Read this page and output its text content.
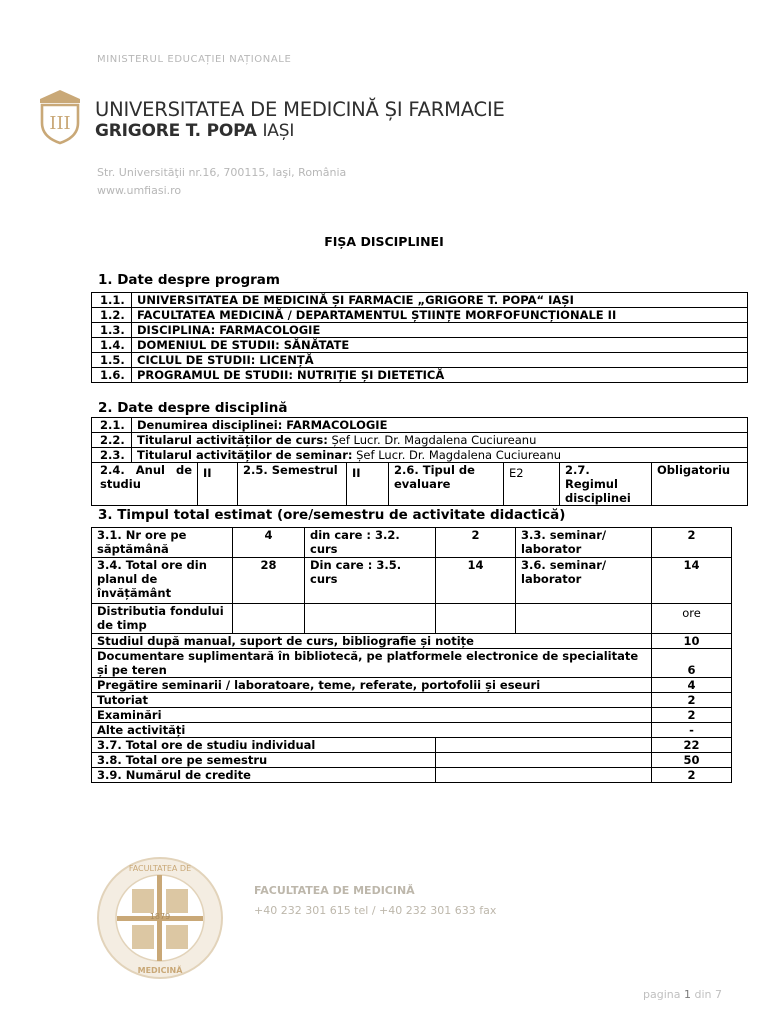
MINISTERUL EDUCAȚIEI NAȚIONALE
III
UNIVERSITATEA DE MEDICINĂ ȘI FARMACIE
GRIGORE T. POPA IAȘI
Str. Universităţii nr.16, 700115, Iaşi, România
www.umfiasi.ro
FIȘA DISCIPLINEI
1. Date despre program
1.1.	UNIVERSITATEA DE MEDICINĂ ȘI FARMACIE „GRIGORE T. POPA“ IAȘI
1.2.	FACULTATEA MEDICINĂ / DEPARTAMENTUL ȘTIINȚE MORFOFUNCȚIONALE II
1.3.	DISCIPLINA: FARMACOLOGIE
1.4.	DOMENIUL DE STUDII: SĂNĂTATE
1.5.	CICLUL DE STUDII: LICENȚĂ
1.6.	PROGRAMUL DE STUDII: NUTRIȚIE ȘI DIETETICĂ
2. Date despre disciplină
2.1.	Denumirea disciplinei: FARMACOLOGIE							
2.2.	Titularul activităților de curs: Șef Lucr. Dr. Magdalena Cuciureanu							
2.3.	Titularul activităților de seminar: Șef Lucr. Dr. Magdalena Cuciureanu							
2.4. Anul de studiu		II	2.5. Semestrul	II	2.6. Tipul de evaluare	E2	2.7. Regimul disciplinei	Obligatoriu
3. Timpul total estimat (ore/semestru de activitate didactică)
3.1. Nr ore pe săptămână	4	din care : 3.2. curs	2	3.3. seminar/ laborator	2
3.4. Total ore din planul de învățământ	28	Din care : 3.5. curs	14	3.6. seminar/ laborator	14
Distributia fondului de timp					ore
Studiul după manual, suport de curs, bibliografie și notițe					10
Documentare suplimentară în bibliotecă, pe platformele electronice de specialitate și pe teren					6
Pregătire seminarii / laboratoare, teme, referate, portofolii și eseuri					4
Tutoriat					2
Examinări					2
Alte activități					-
3.7. Total ore de studiu individual					22
3.8. Total ore pe semestru					50
3.9. Numărul de credite					2
1879
FACULTATEA DE
MEDICINĂ
FACULTATEA DE MEDICINĂ
+40 232 301 615 tel / +40 232 301 633 fax
pagina 1 din 7
